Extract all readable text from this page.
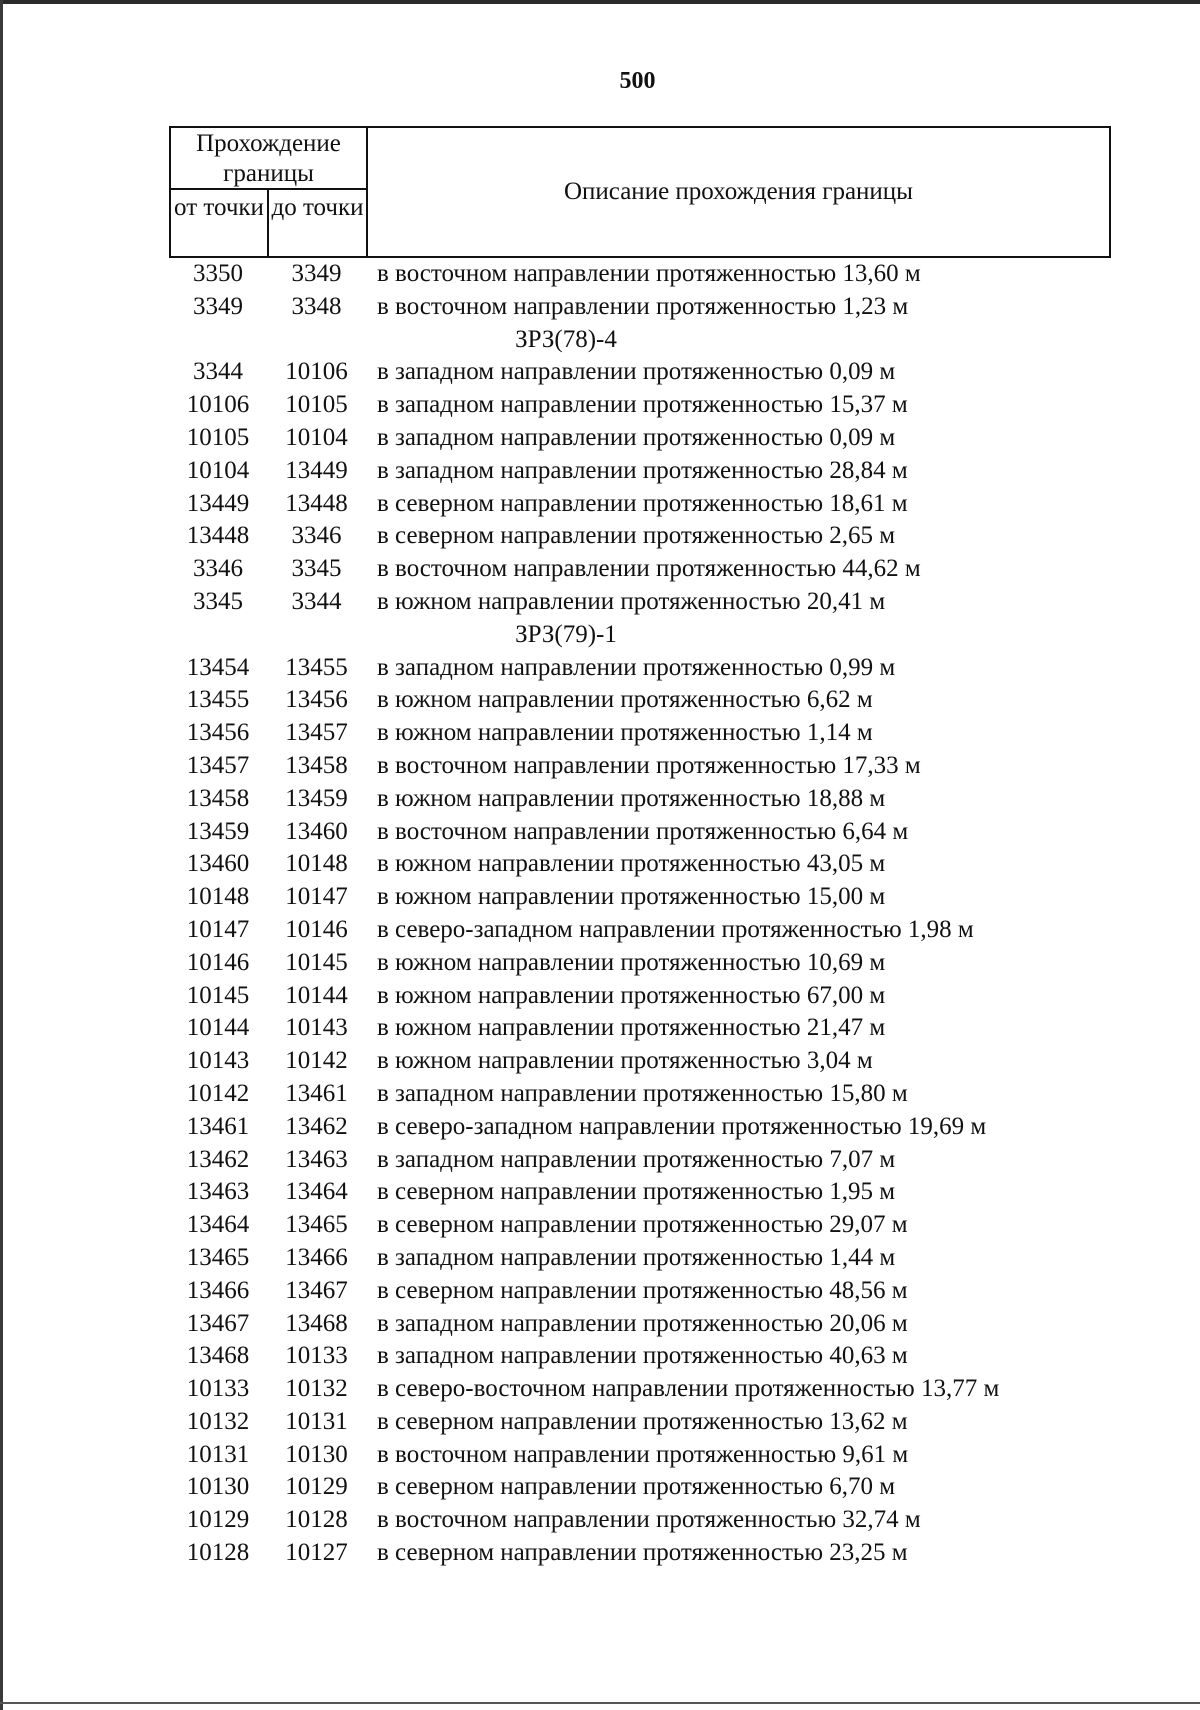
500
Прохождение границы
от точки до точки
Описание прохождения границы
3350	3349	в восточном направлении протяженностью 13,60 м
3349	3348	в восточном направлении протяженностью 1,23 м
ЗРЗ(78)-4
3344	10106	в западном направлении протяженностью 0,09 м
10106	10105	в западном направлении протяженностью 15,37 м
10105	10104	в западном направлении протяженностью 0,09 м
10104	13449	в западном направлении протяженностью 28,84 м
13449	13448	в северном направлении протяженностью 18,61 м
13448	3346	в северном направлении протяженностью 2,65 м
3346	3345	в восточном направлении протяженностью 44,62 м
3345	3344	в южном направлении протяженностью 20,41 м
ЗРЗ(79)-1
13454	13455	в западном направлении протяженностью 0,99 м
13455	13456	в южном направлении протяженностью 6,62 м
13456	13457	в южном направлении протяженностью 1,14 м
13457	13458	в восточном направлении протяженностью 17,33 м
13458	13459	в южном направлении протяженностью 18,88 м
13459	13460	в восточном направлении протяженностью 6,64 м
13460	10148	в южном направлении протяженностью 43,05 м
10148	10147	в южном направлении протяженностью 15,00 м
10147	10146	в северо-западном направлении протяженностью 1,98 м
10146	10145	в южном направлении протяженностью 10,69 м
10145	10144	в южном направлении протяженностью 67,00 м
10144	10143	в южном направлении протяженностью 21,47 м
10143	10142	в южном направлении протяженностью 3,04 м
10142	13461	в западном направлении протяженностью 15,80 м
13461	13462	в северо-западном направлении протяженностью 19,69 м
13462	13463	в западном направлении протяженностью 7,07 м
13463	13464	в северном направлении протяженностью 1,95 м
13464	13465	в северном направлении протяженностью 29,07 м
13465	13466	в западном направлении протяженностью 1,44 м
13466	13467	в северном направлении протяженностью 48,56 м
13467	13468	в западном направлении протяженностью 20,06 м
13468	10133	в западном направлении протяженностью 40,63 м
10133	10132	в северо-восточном направлении протяженностью 13,77 м
10132	10131	в северном направлении протяженностью 13,62 м
10131	10130	в восточном направлении протяженностью 9,61 м
10130	10129	в северном направлении протяженностью 6,70 м
10129	10128	в восточном направлении протяженностью 32,74 м
10128	10127	в северном направлении протяженностью 23,25 м
